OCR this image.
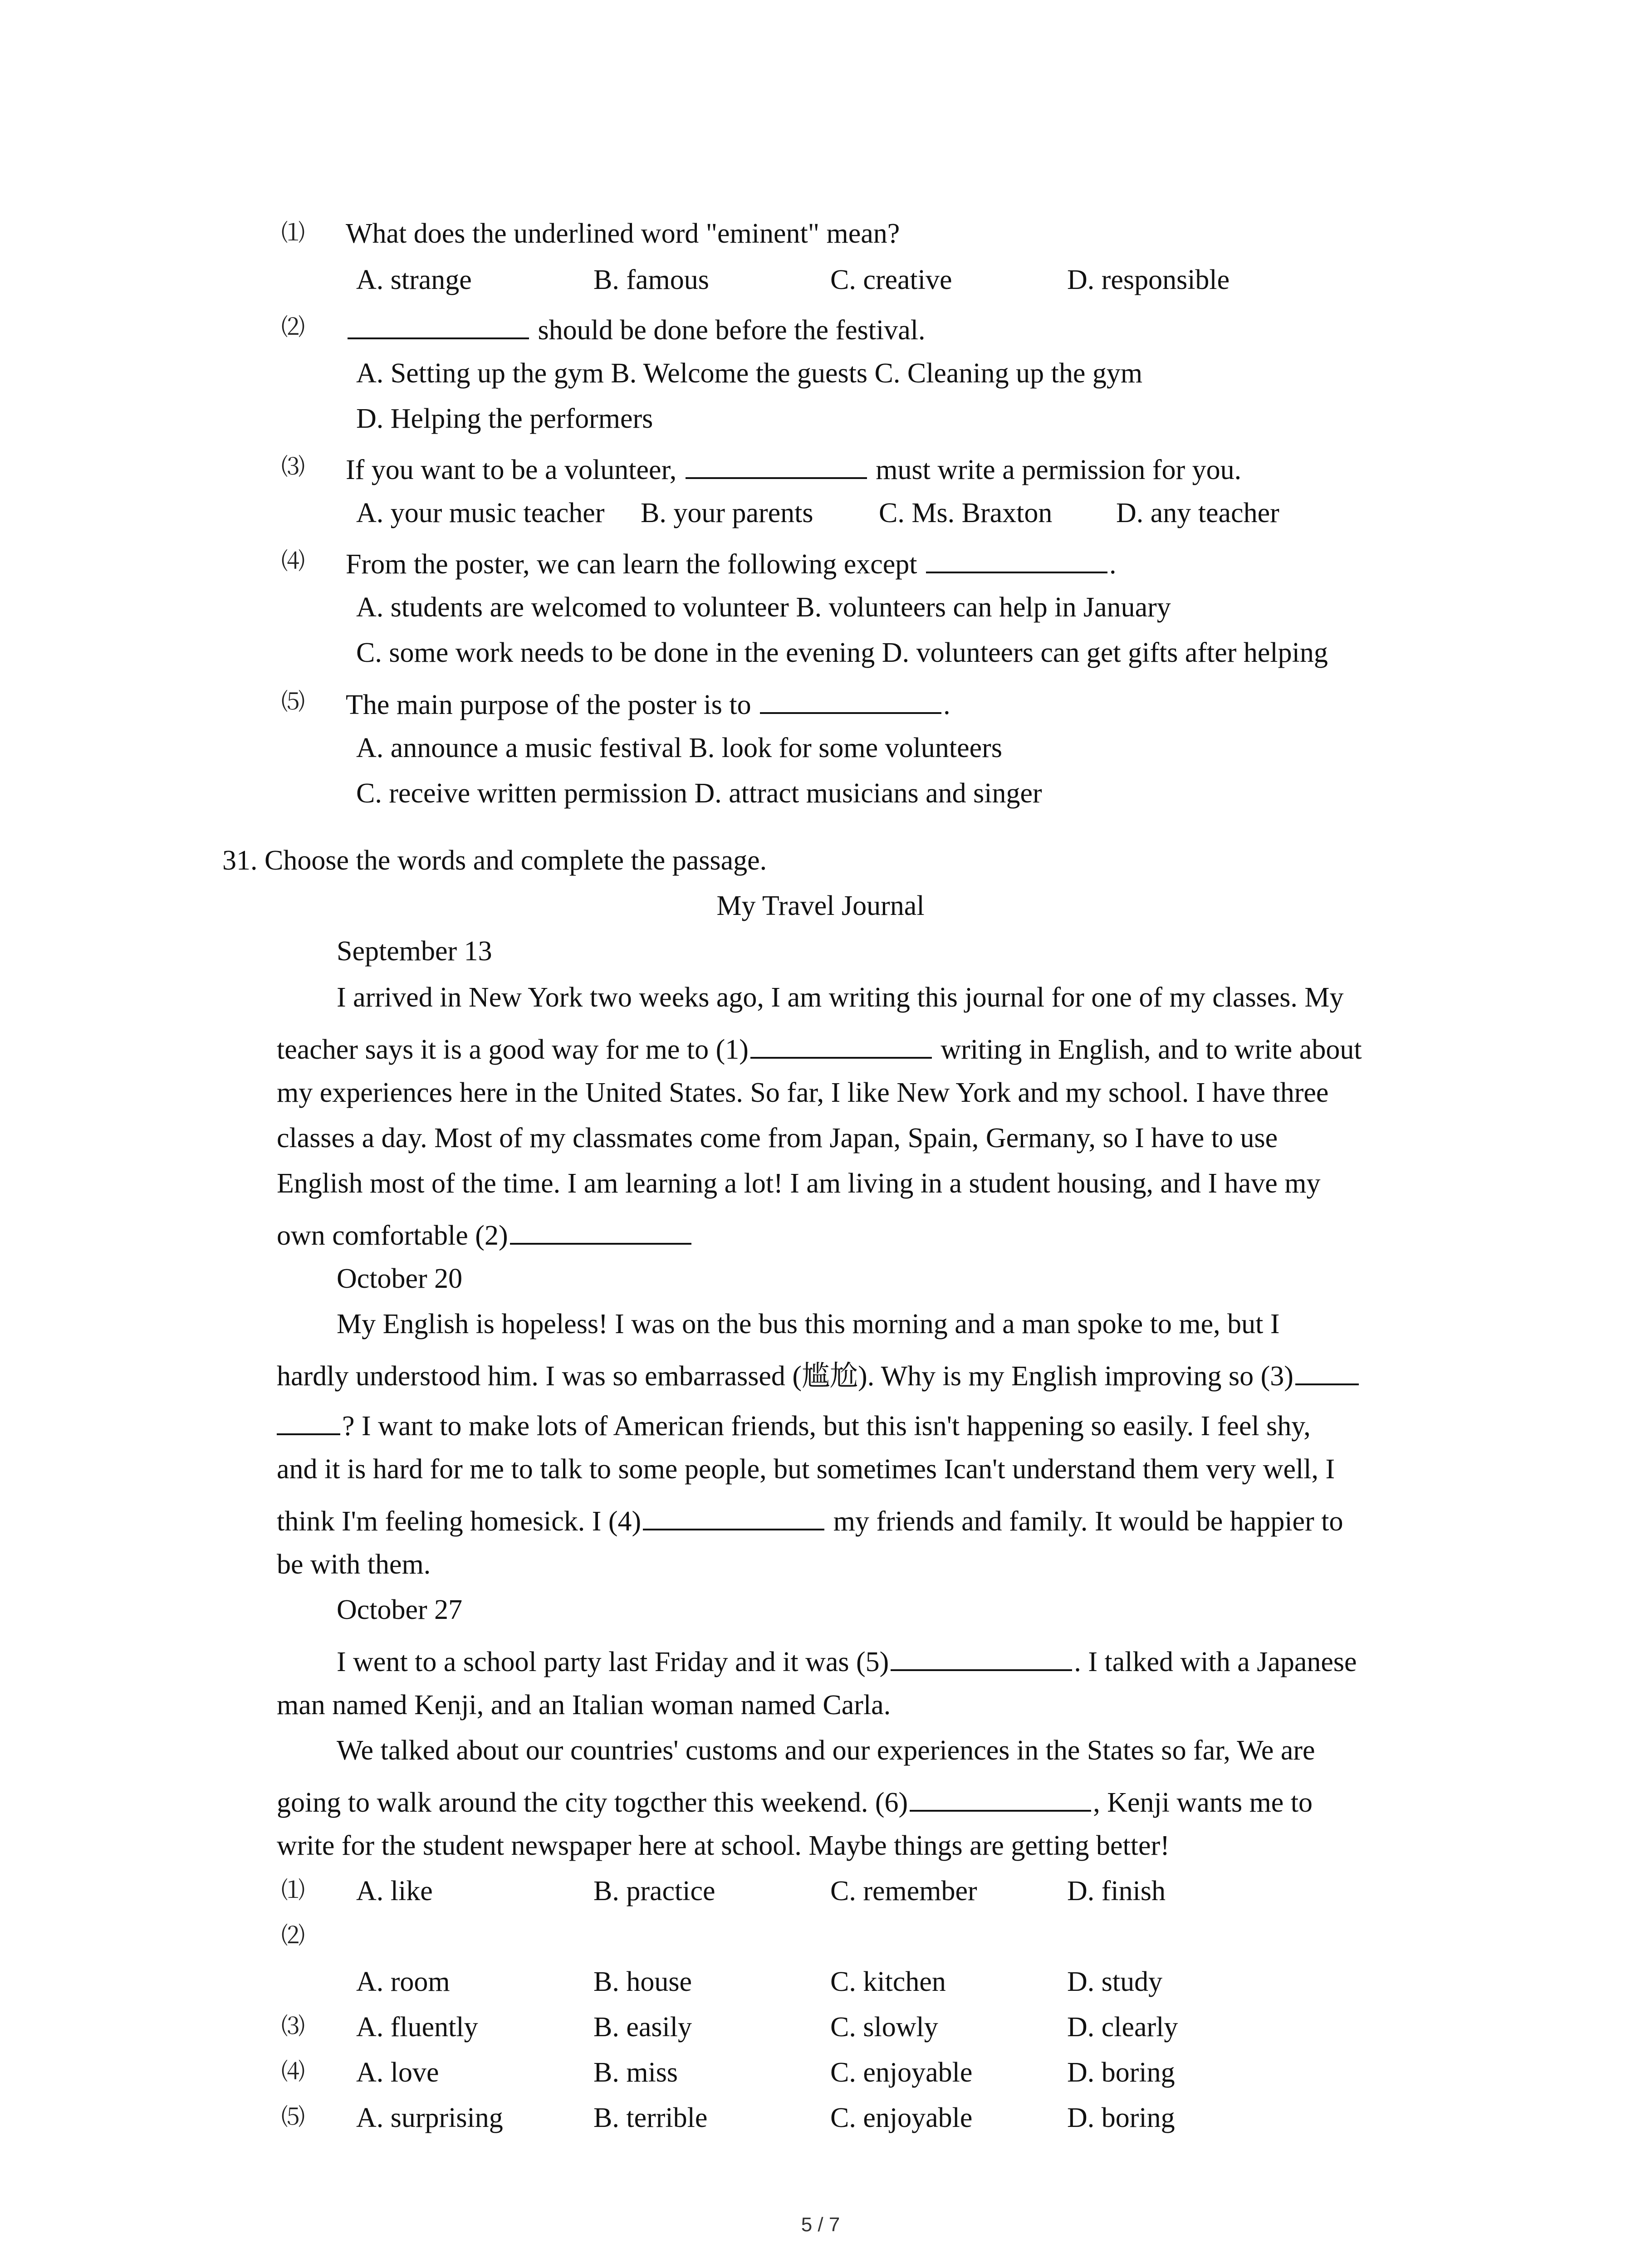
⑴ What does the underlined word "eminent" mean?
A. strange	B. famous	C. creative	D. responsible
⑵	should be done before the festival.
A. Setting up the gym B. Welcome the guests C. Cleaning up the gym
D. Helping the performers
⑶ If you want to be a volunteer,	must write a permission for you.
A. your music teacher B. your parents C. Ms. Braxton D. any teacher
⑷ From the poster, we can learn the following except	.
A. students are welcomed to volunteer B. volunteers can help in January
C. some work needs to be done in the evening D. volunteers can get gifts after helping
⑸ The main purpose of the poster is to	.
A. announce a music festival B. look for some volunteers
C. receive written permission D. attract musicians and singer
31. Choose the words and complete the passage.
My Travel Journal
September 13
I arrived in New York two weeks ago, I am writing this journal for one of my classes. My
teacher says it is a good way for me to (1)	writing in English, and to write about
my experiences here in the United States. So far, I like New York and my school. I have three
classes a day. Most of my classmates come from Japan, Spain, Germany, so I have to use
English most of the time. I am learning a lot! I am living in a student housing, and I have my
own comfortable (2)
October 20
My English is hopeless! I was on the bus this morning and a man spoke to me, but I
hardly understood him. I was so embarrassed (尴尬). Why is my English improving so (3)
? I want to make lots of American friends, but this isn't happening so easily. I feel shy,
and it is hard for me to talk to some people, but sometimes Ican't understand them very well, I
think I'm feeling homesick. I (4)	my friends and family. It would be happier to
be with them.
October 27
I went to a school party last Friday and it was (5)	. I talked with a Japanese
man named Kenji, and an Italian woman named Carla.
We talked about our countries' customs and our experiences in the States so far, We are
going to walk around the city togcther this weekend. (6)	, Kenji wants me to
write for the student newspaper here at school. Maybe things are getting better!
⑴ A. like	B. practice	C. remember	D. finish
⑵
A. room	B. house	C. kitchen	D. study
⑶ A. fluently	B. easily	C. slowly	D. clearly
⑷ A. love	B. miss	C. enjoyable	D. boring
⑸ A. surprising	B. terrible	C. enjoyable	D. boring
5 / 7
